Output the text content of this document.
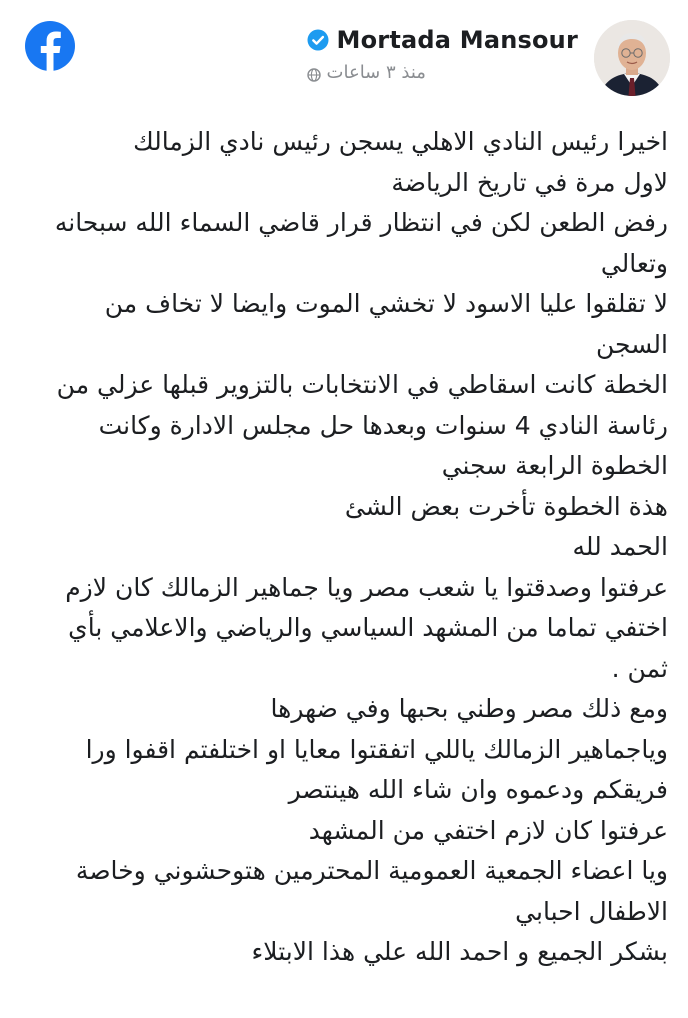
Mortada Mansour
منذ ٣ ساعات
اخيرا رئيس النادي الاهلي يسجن رئيس نادي الزمالك
لاول مرة في تاريخ الرياضة
رفض الطعن لكن في انتظار قرار قاضي السماء الله سبحانه
وتعالي
لا تقلقوا عليا الاسود لا تخشي الموت وايضا لا تخاف من
السجن
الخطة كانت اسقاطي في الانتخابات بالتزوير قبلها عزلي من
رئاسة النادي 4 سنوات وبعدها حل مجلس الادارة وكانت
الخطوة الرابعة سجني
هذة الخطوة تأخرت بعض الشئ
الحمد لله
عرفتوا وصدقتوا يا شعب مصر ويا جماهير الزمالك كان لازم
اختفي تماما من المشهد السياسي والرياضي والاعلامي بأي
ثمن .
ومع ذلك مصر وطني بحبها وفي ضهرها
وياجماهير الزمالك ياللي اتفقتوا معايا او اختلفتم اقفوا ورا
فريقكم ودعموه وان شاء الله هينتصر
عرفتوا كان لازم اختفي من المشهد
ويا اعضاء الجمعية العمومية المحترمين هتوحشوني وخاصة
الاطفال احبابي
بشكر الجميع و احمد الله علي هذا الابتلاء
